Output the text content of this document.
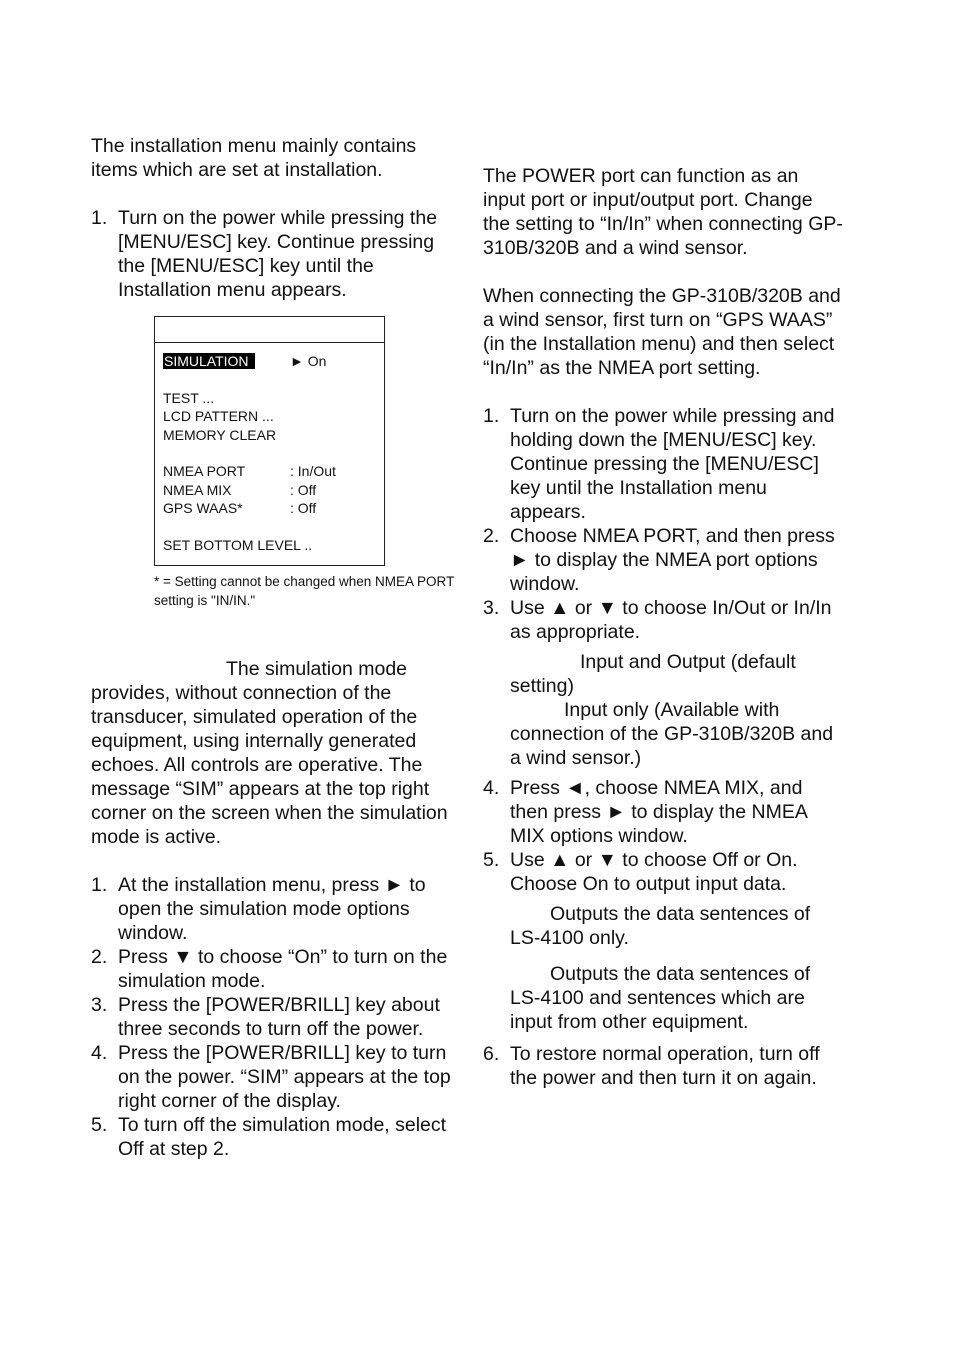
The installation menu mainly contains items which are set at installation.

1. Turn on the power while pressing the [MENU/ESC] key. Continue pressing the [MENU/ESC] key until the Installation menu appears.
SIMULATION	► On
TEST ...
LCD PATTERN ...
MEMORY CLEAR
NMEA PORT	: In/Out
NMEA MIX	: Off
GPS WAAS*	: Off
SET BOTTOM LEVEL ..
* = Setting cannot be changed when NMEA PORT setting is "IN/IN."

The simulation mode
provides, without connection of the transducer, simulated operation of the equipment, using internally generated echoes. All controls are operative. The message “SIM” appears at the top right corner on the screen when the simulation mode is active.

1. At the installation menu, press ► to open the simulation mode options window.
2. Press ▼ to choose “On” to turn on the simulation mode.
3. Press the [POWER/BRILL] key about three seconds to turn off the power.
4. Press the [POWER/BRILL] key to turn on the power. “SIM” appears at the top right corner of the display.
5. To turn off the simulation mode, select Off at step 2.

The POWER port can function as an input port or input/output port. Change the setting to “In/In” when connecting GP-310B/320B and a wind sensor.

When connecting the GP-310B/320B and a wind sensor, first turn on “GPS WAAS” (in the Installation menu) and then select “In/In” as the NMEA port setting.

1. Turn on the power while pressing and holding down the [MENU/ESC] key. Continue pressing the [MENU/ESC] key until the Installation menu appears.
2. Choose NMEA PORT, and then press ► to display the NMEA port options window.
3. Use ▲ or ▼ to choose In/Out or In/In as appropriate.
Input and Output (default
setting)
Input only (Available with
connection of the GP-310B/320B and a wind sensor.)
4. Press ◄, choose NMEA MIX, and then press ► to display the NMEA MIX options window.
5. Use ▲ or ▼ to choose Off or On. Choose On to output input data.
Outputs the data sentences of
LS-4100 only.
Outputs the data sentences of
LS-4100 and sentences which are input from other equipment.
6. To restore normal operation, turn off the power and then turn it on again.
